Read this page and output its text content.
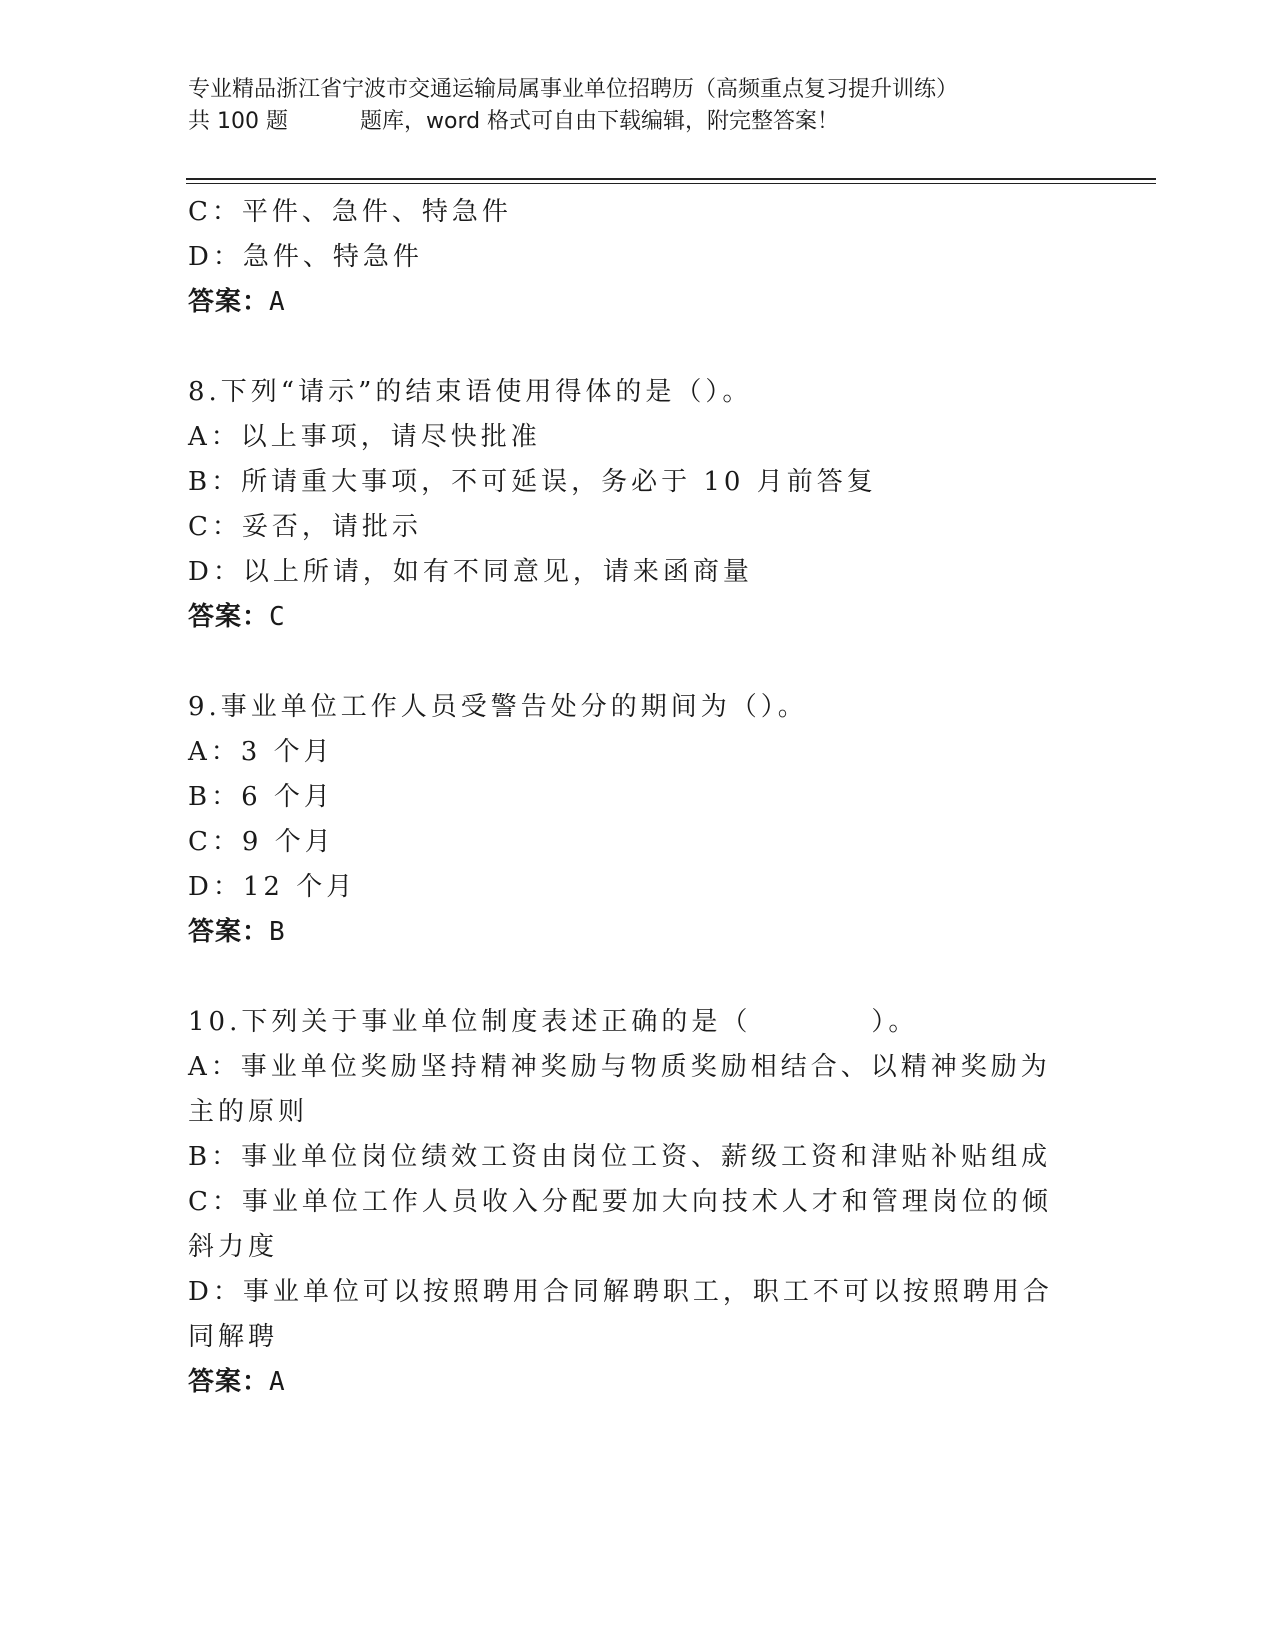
专业精品浙江省宁波市交通运输局属事业单位招聘历（高频重点复习提升训练）
共 100 题	题库，word 格式可自由下载编辑，附完整答案！
C：平件、急件、特急件
D：急件、特急件
答案：A
8.下列“请示”的结束语使用得体的是（）。
A：以上事项，请尽快批准
B：所请重大事项，不可延误，务必于 10 月前答复
C：妥否，请批示
D：以上所请，如有不同意见，请来函商量
答案：C
9.事业单位工作人员受警告处分的期间为（）。
A：3 个月
B：6 个月
C：9 个月
D：12 个月
答案：B
10.下列关于事业单位制度表述正确的是（	）。
A：事业单位奖励坚持精神奖励与物质奖励相结合、以精神奖励为主的原则
B：事业单位岗位绩效工资由岗位工资、薪级工资和津贴补贴组成
C：事业单位工作人员收入分配要加大向技术人才和管理岗位的倾斜力度
D：事业单位可以按照聘用合同解聘职工，职工不可以按照聘用合同解聘
答案：A
